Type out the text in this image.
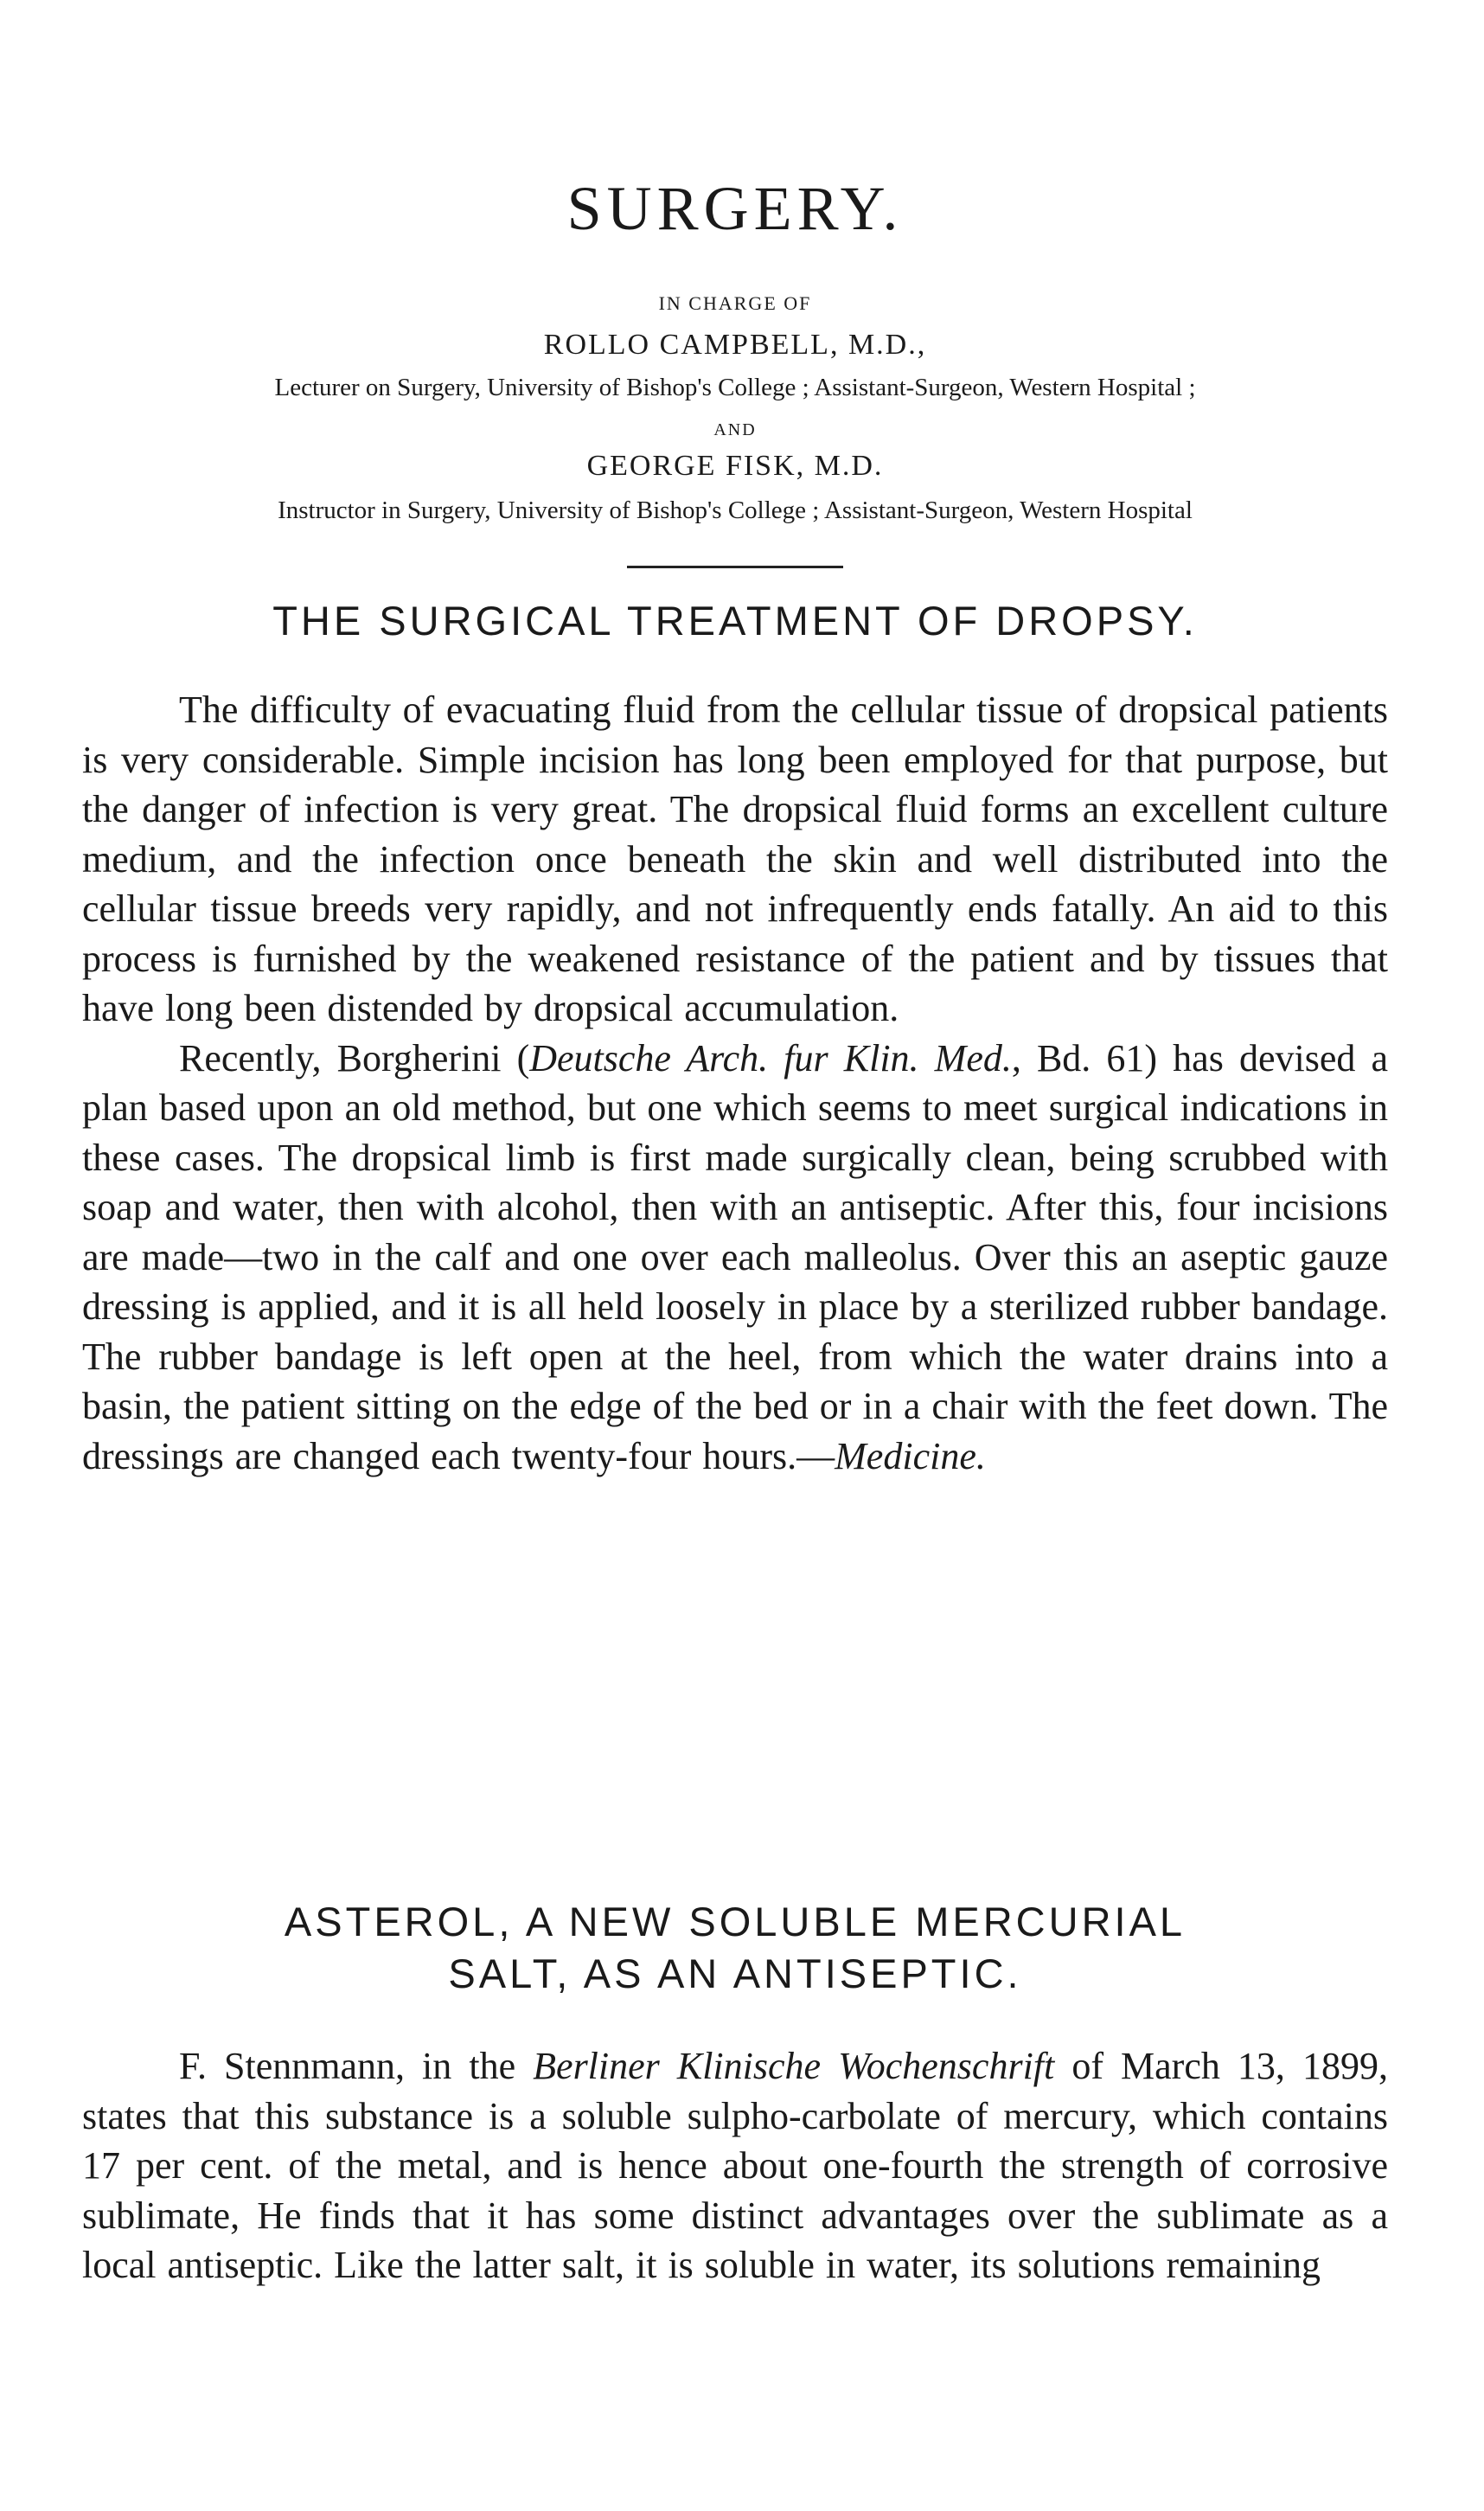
SURGERY.
IN CHARGE OF
ROLLO CAMPBELL, M.D.,
Lecturer on Surgery, University of Bishop's College ; Assistant-Surgeon, Western Hospital ;
AND
GEORGE FISK, M.D.
Instructor in Surgery, University of Bishop's College ; Assistant-Surgeon, Western Hospital
THE SURGICAL TREATMENT OF DROPSY.

The difficulty of evacuating fluid from the cellular tissue of dropsical patients is very considerable. Simple incision has long been employed for that purpose, but the danger of infection is very great. The dropsical fluid forms an excellent culture medium, and the infection once beneath the skin and well distributed into the cellular tissue breeds very rapidly, and not infrequently ends fatally. An aid to this process is furnished by the weakened resistance of the patient and by tissues that have long been distended by dropsical accumulation.

Recently, Borgherini (Deutsche Arch. fur Klin. Med., Bd. 61) has devised a plan based upon an old method, but one which seems to meet surgical indications in these cases. The dropsical limb is first made surgically clean, being scrubbed with soap and water, then with alcohol, then with an antiseptic. After this, four incisions are made—two in the calf and one over each malleolus. Over this an aseptic gauze dressing is applied, and it is all held loosely in place by a sterilized rubber bandage. The rubber bandage is left open at the heel, from which the water drains into a basin, the patient sitting on the edge of the bed or in a chair with the feet down. The dressings are changed each twenty-four hours.—Medicine.

ASTEROL, A NEW SOLUBLE MERCURIAL
SALT, AS AN ANTISEPTIC.

F. Stennmann, in the Berliner Klinische Wochenschrift of March 13, 1899, states that this substance is a soluble sulpho-carbolate of mercury, which contains 17 per cent. of the metal, and is hence about one-fourth the strength of corrosive sublimate, He finds that it has some distinct advantages over the sublimate as a local antiseptic. Like the latter salt, it is soluble in water, its solutions remaining
